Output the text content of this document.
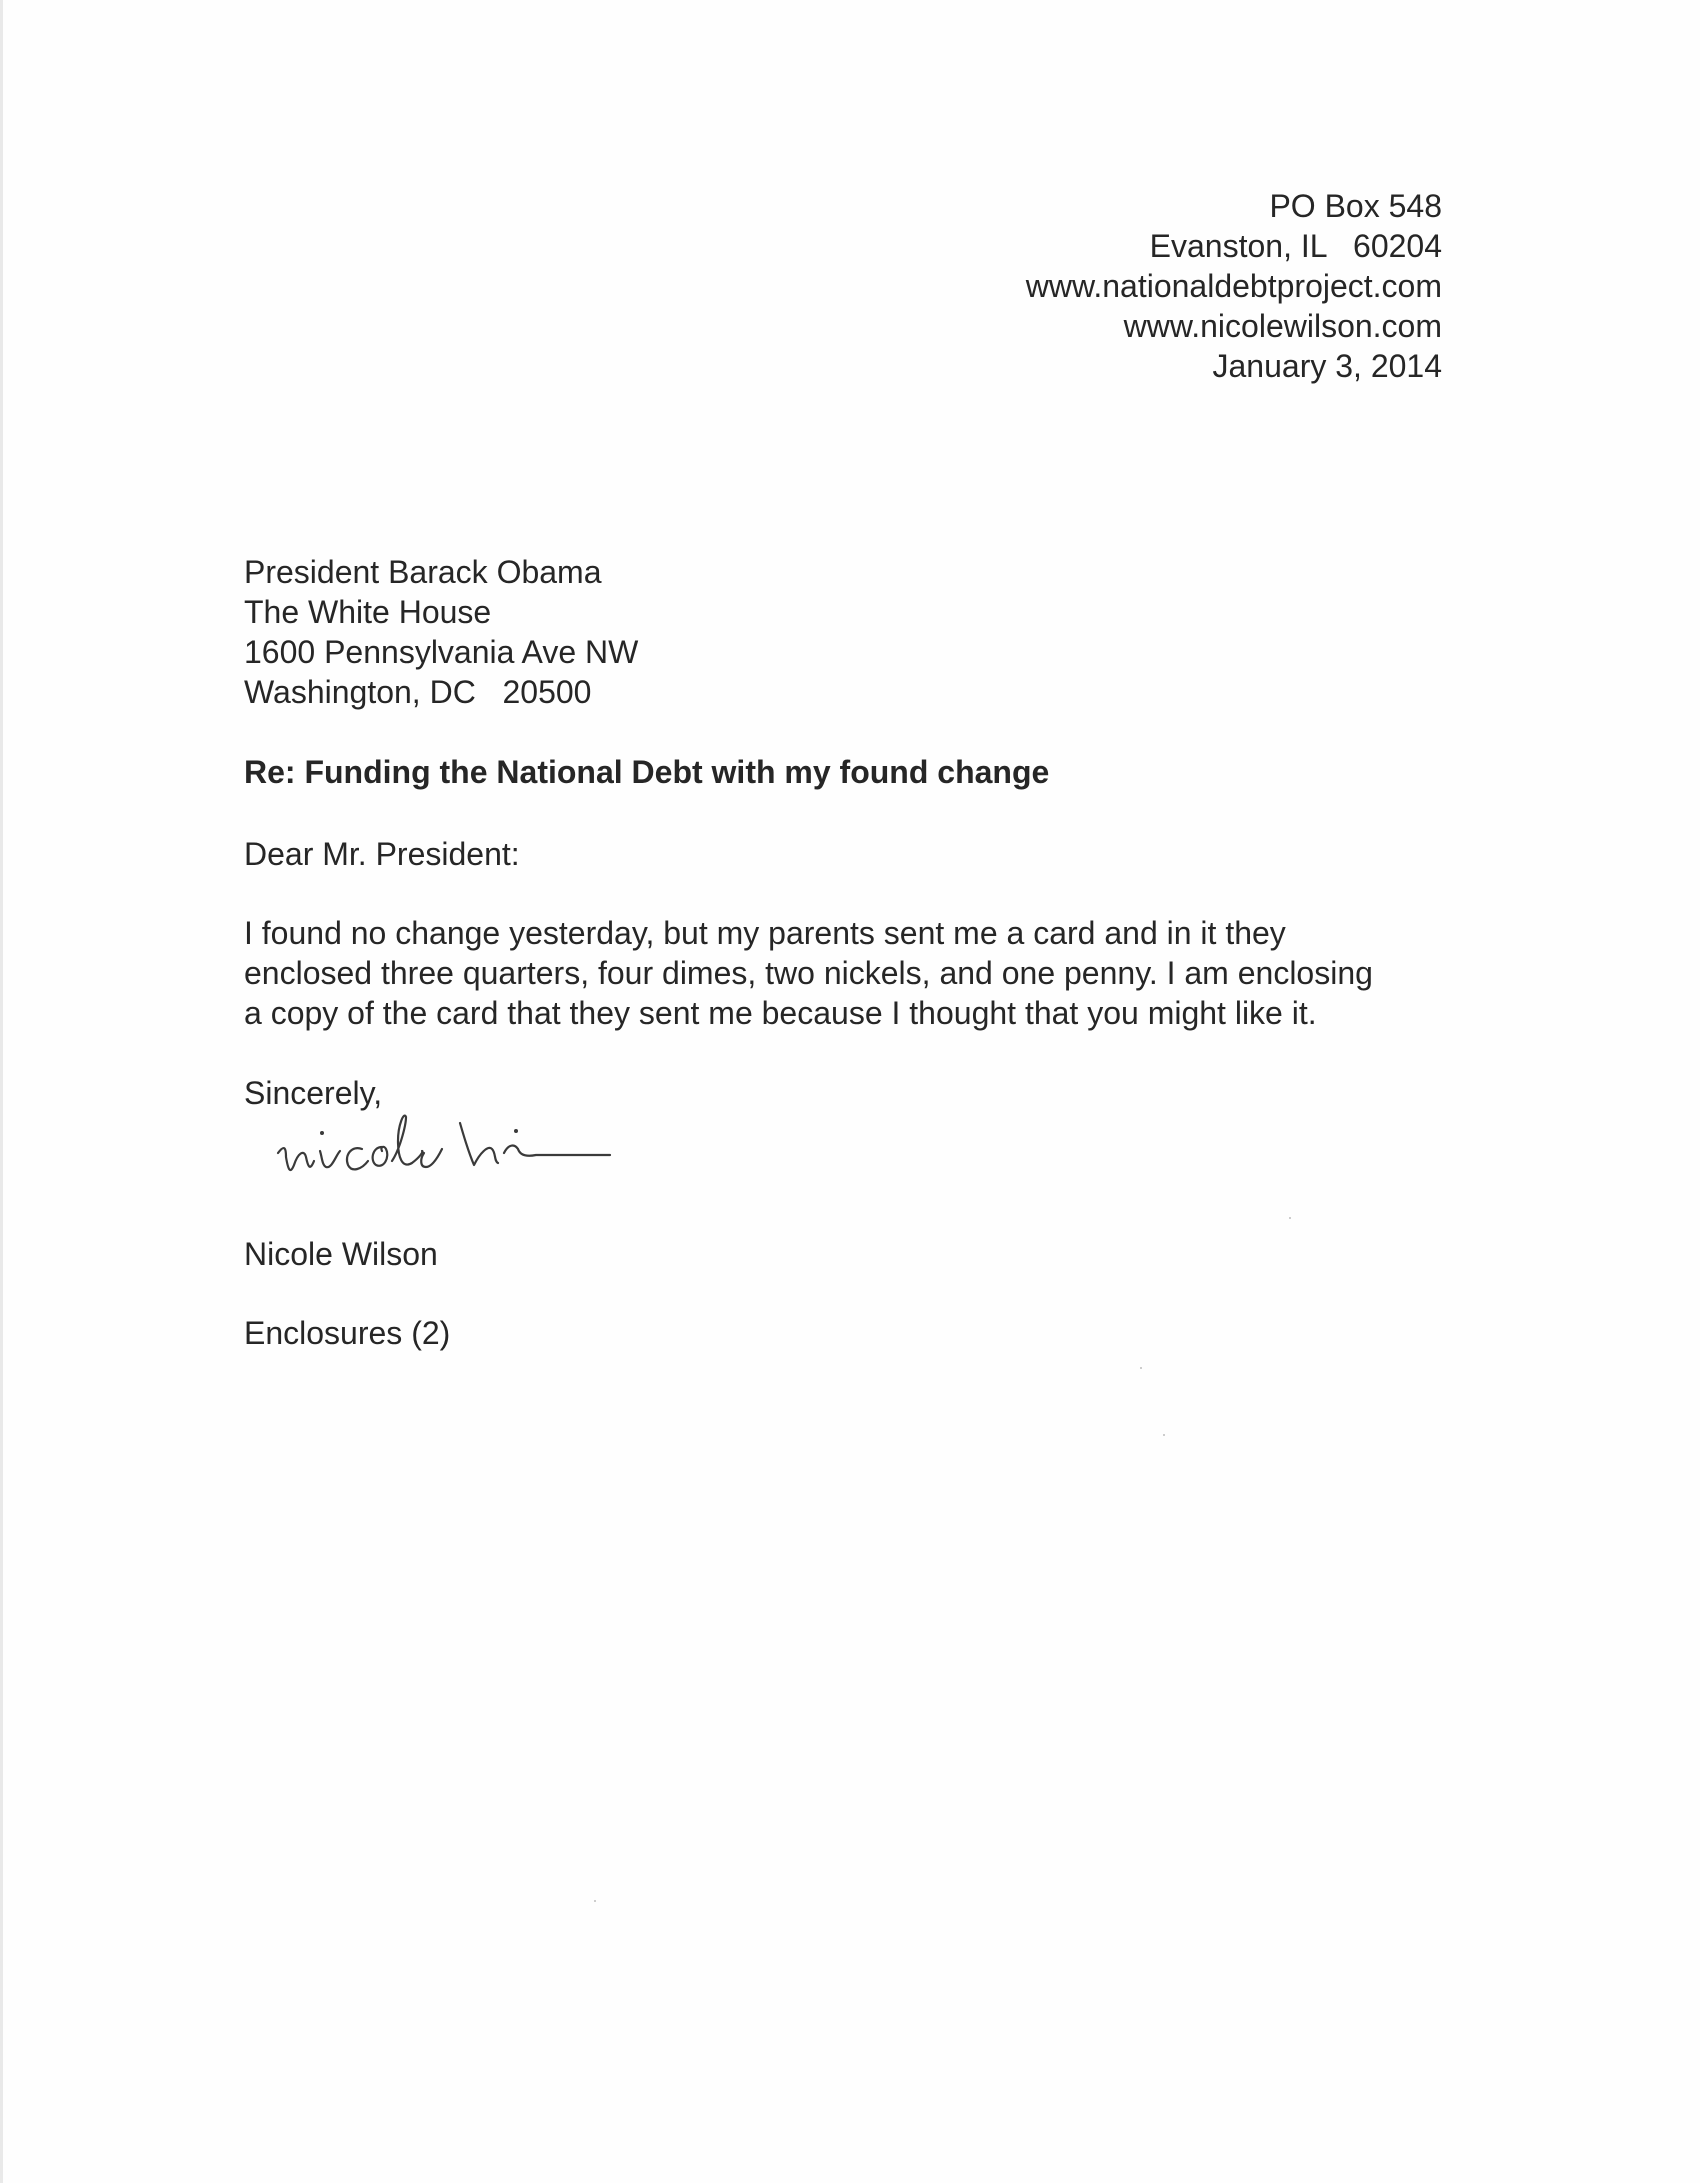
PO Box 548
Evanston, IL   60204
www.nationaldebtproject.com
www.nicolewilson.com
January 3, 2014
President Barack Obama
The White House
1600 Pennsylvania Ave NW
Washington, DC   20500
Re: Funding the National Debt with my found change
Dear Mr. President:
I found no change yesterday, but my parents sent me a card and in it they
enclosed three quarters, four dimes, two nickels, and one penny. I am enclosing
a copy of the card that they sent me because I thought that you might like it.
Sincerely,
Nicole Wilson
Enclosures (2)
